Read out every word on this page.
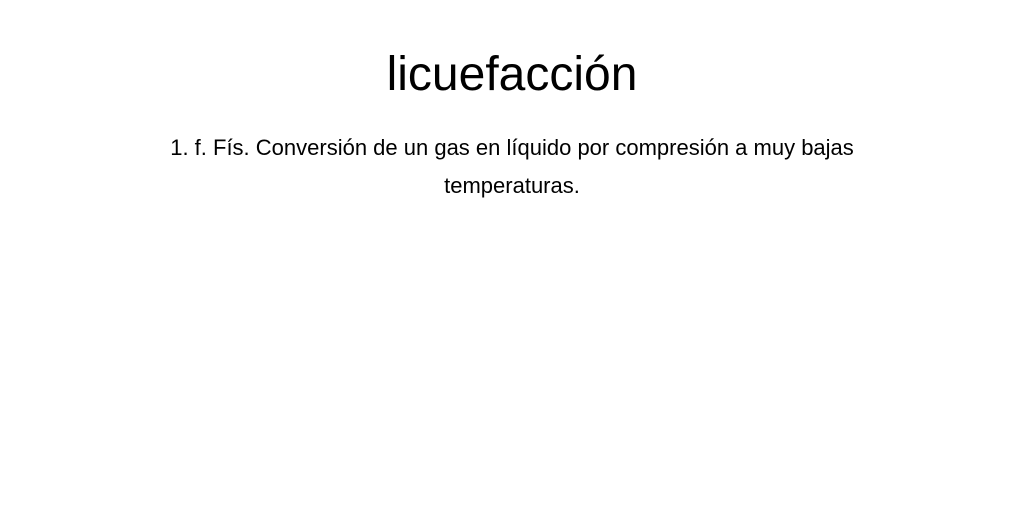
licuefacción

1. f. Fís. Conversión de un gas en líquido por compresión a muy bajas temperaturas.
